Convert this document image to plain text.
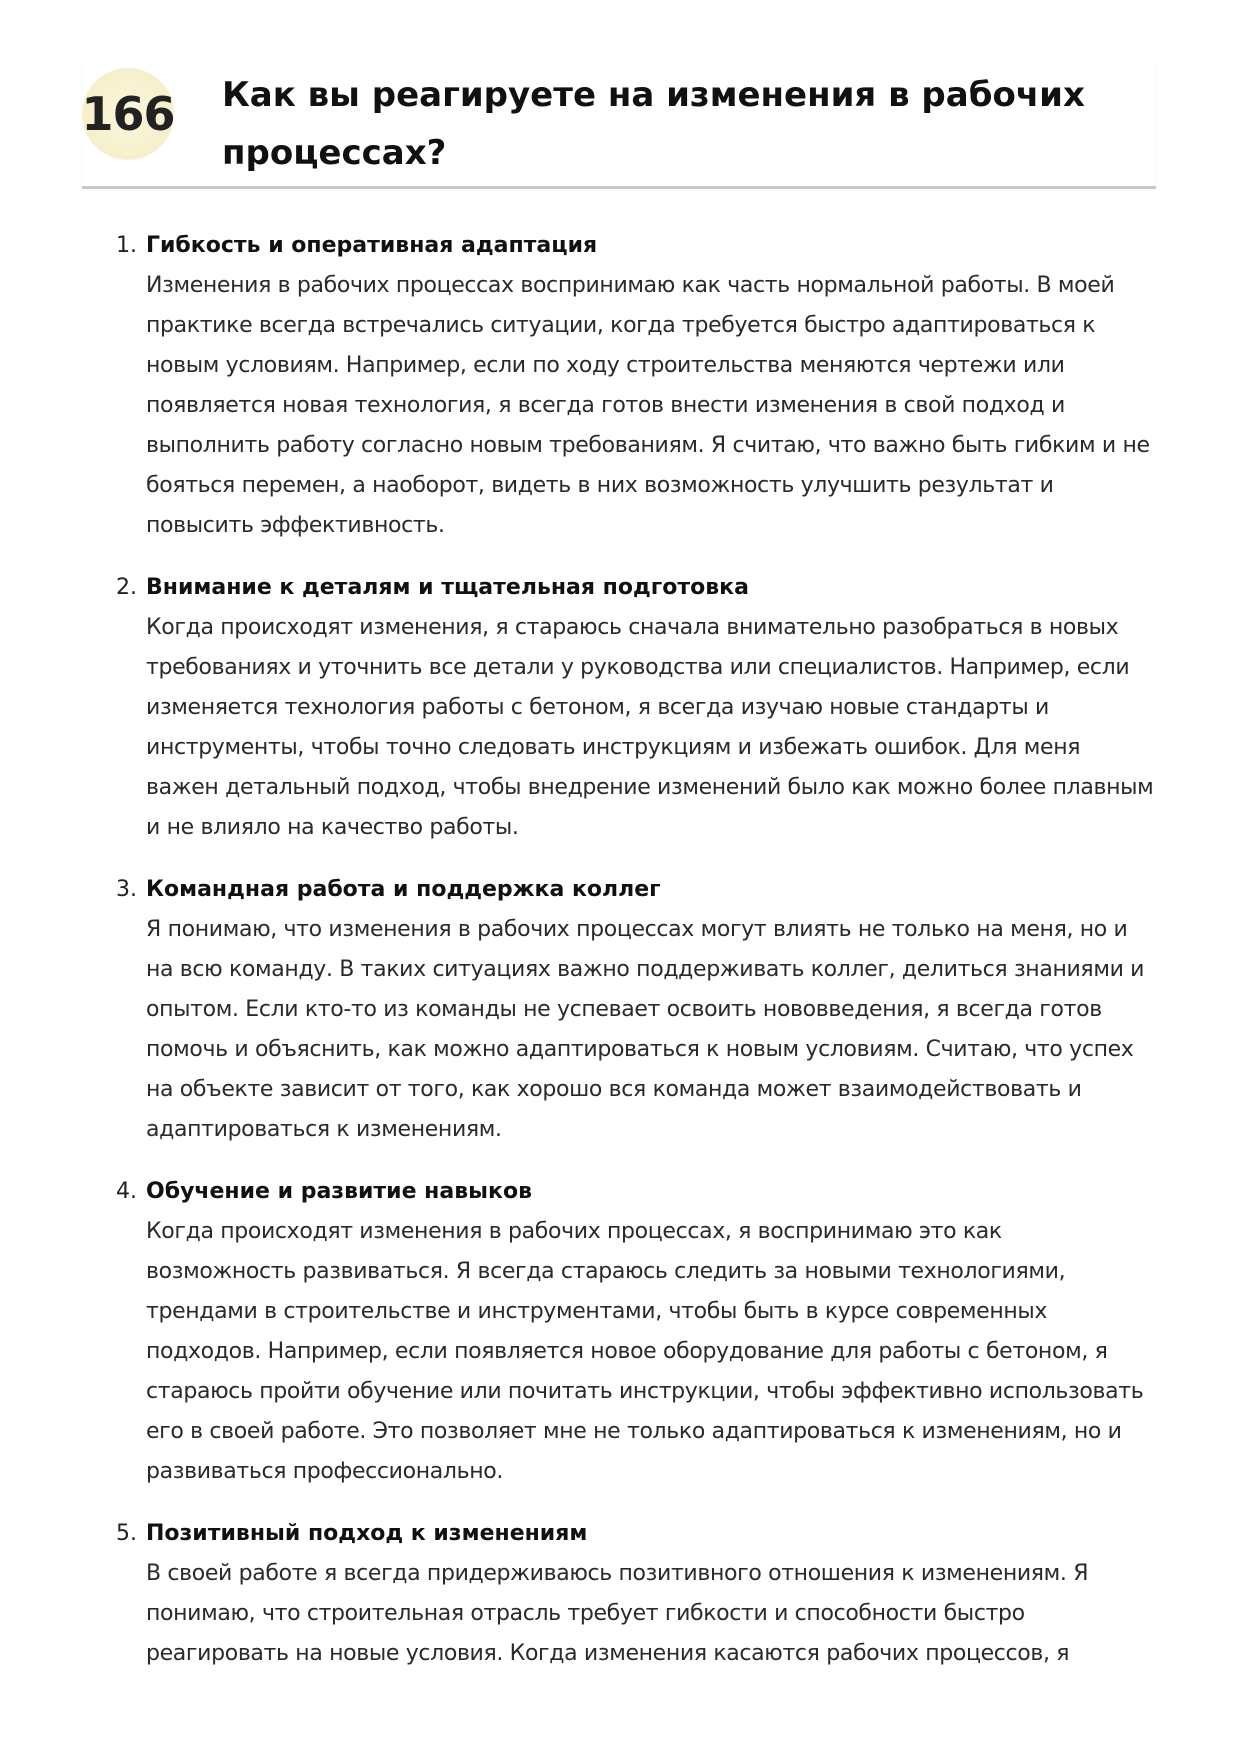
166 Как вы реагируете на изменения в рабочих процессах?
1. Гибкость и оперативная адаптация

Изменения в рабочих процессах воспринимаю как часть нормальной работы. В моей практике всегда встречались ситуации, когда требуется быстро адаптироваться к новым условиям. Например, если по ходу строительства меняются чертежи или появляется новая технология, я всегда готов внести изменения в свой подход и выполнить работу согласно новым требованиям. Я считаю, что важно быть гибким и не бояться перемен, а наоборот, видеть в них возможность улучшить результат и повысить эффективность.

2. Внимание к деталям и тщательная подготовка

Когда происходят изменения, я стараюсь сначала внимательно разобраться в новых требованиях и уточнить все детали у руководства или специалистов. Например, если изменяется технология работы с бетоном, я всегда изучаю новые стандарты и инструменты, чтобы точно следовать инструкциям и избежать ошибок. Для меня важен детальный подход, чтобы внедрение изменений было как можно более плавным и не влияло на качество работы.

3. Командная работа и поддержка коллег

Я понимаю, что изменения в рабочих процессах могут влиять не только на меня, но и на всю команду. В таких ситуациях важно поддерживать коллег, делиться знаниями и опытом. Если кто-то из команды не успевает освоить нововведения, я всегда готов помочь и объяснить, как можно адаптироваться к новым условиям. Считаю, что успех на объекте зависит от того, как хорошо вся команда может взаимодействовать и адаптироваться к изменениям.

4. Обучение и развитие навыков

Когда происходят изменения в рабочих процессах, я воспринимаю это как возможность развиваться. Я всегда стараюсь следить за новыми технологиями, трендами в строительстве и инструментами, чтобы быть в курсе современных подходов. Например, если появляется новое оборудование для работы с бетоном, я стараюсь пройти обучение или почитать инструкции, чтобы эффективно использовать его в своей работе. Это позволяет мне не только адаптироваться к изменениям, но и развиваться профессионально.

5. Позитивный подход к изменениям

В своей работе я всегда придерживаюсь позитивного отношения к изменениям. Я понимаю, что строительная отрасль требует гибкости и способности быстро реагировать на новые условия. Когда изменения касаются рабочих процессов, я
